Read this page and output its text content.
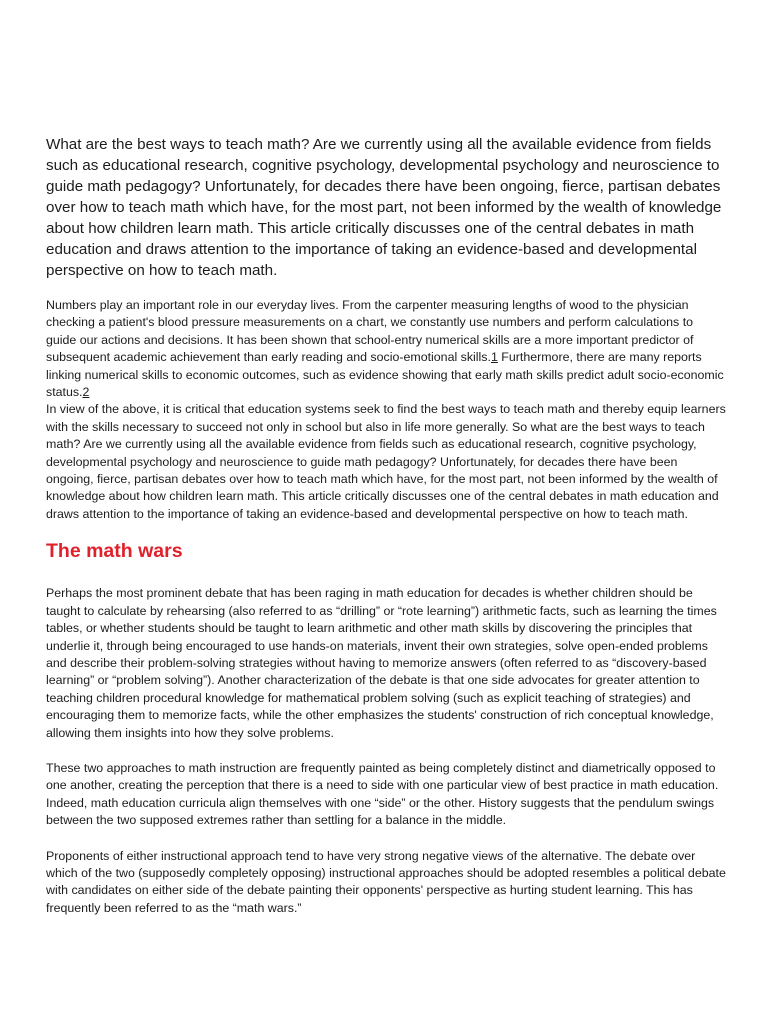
What are the best ways to teach math? Are we currently using all the available evidence from fields such as educational research, cognitive psychology, developmental psychology and neuroscience to guide math pedagogy? Unfortunately, for decades there have been ongoing, fierce, partisan debates over how to teach math which have, for the most part, not been informed by the wealth of knowledge about how children learn math. This article critically discusses one of the central debates in math education and draws attention to the importance of taking an evidence-based and developmental perspective on how to teach math.

Numbers play an important role in our everyday lives. From the carpenter measuring lengths of wood to the physician checking a patient's blood pressure measurements on a chart, we constantly use numbers and perform calculations to guide our actions and decisions. It has been shown that school-entry numerical skills are a more important predictor of subsequent academic achievement than early reading and socio-emotional skills.1 Furthermore, there are many reports linking numerical skills to economic outcomes, such as evidence showing that early math skills predict adult socio-economic status.2

In view of the above, it is critical that education systems seek to find the best ways to teach math and thereby equip learners with the skills necessary to succeed not only in school but also in life more generally. So what are the best ways to teach math? Are we currently using all the available evidence from fields such as educational research, cognitive psychology, developmental psychology and neuroscience to guide math pedagogy? Unfortunately, for decades there have been ongoing, fierce, partisan debates over how to teach math which have, for the most part, not been informed by the wealth of knowledge about how children learn math. This article critically discusses one of the central debates in math education and draws attention to the importance of taking an evidence-based and developmental perspective on how to teach math.

The math wars

Perhaps the most prominent debate that has been raging in math education for decades is whether children should be taught to calculate by rehearsing (also referred to as “drilling” or “rote learning”) arithmetic facts, such as learning the times tables, or whether students should be taught to learn arithmetic and other math skills by discovering the principles that underlie it, through being encouraged to use hands-on materials, invent their own strategies, solve open-ended problems and describe their problem-solving strategies without having to memorize answers (often referred to as “discovery-based learning” or “problem solving”). Another characterization of the debate is that one side advocates for greater attention to teaching children procedural knowledge for mathematical problem solving (such as explicit teaching of strategies) and encouraging them to memorize facts, while the other emphasizes the students' construction of rich conceptual knowledge, allowing them insights into how they solve problems.

These two approaches to math instruction are frequently painted as being completely distinct and diametrically opposed to one another, creating the perception that there is a need to side with one particular view of best practice in math education. Indeed, math education curricula align themselves with one “side” or the other. History suggests that the pendulum swings between the two supposed extremes rather than settling for a balance in the middle.

Proponents of either instructional approach tend to have very strong negative views of the alternative. The debate over which of the two (supposedly completely opposing) instructional approaches should be adopted resembles a political debate with candidates on either side of the debate painting their opponents' perspective as hurting student learning. This has frequently been referred to as the “math wars.”
